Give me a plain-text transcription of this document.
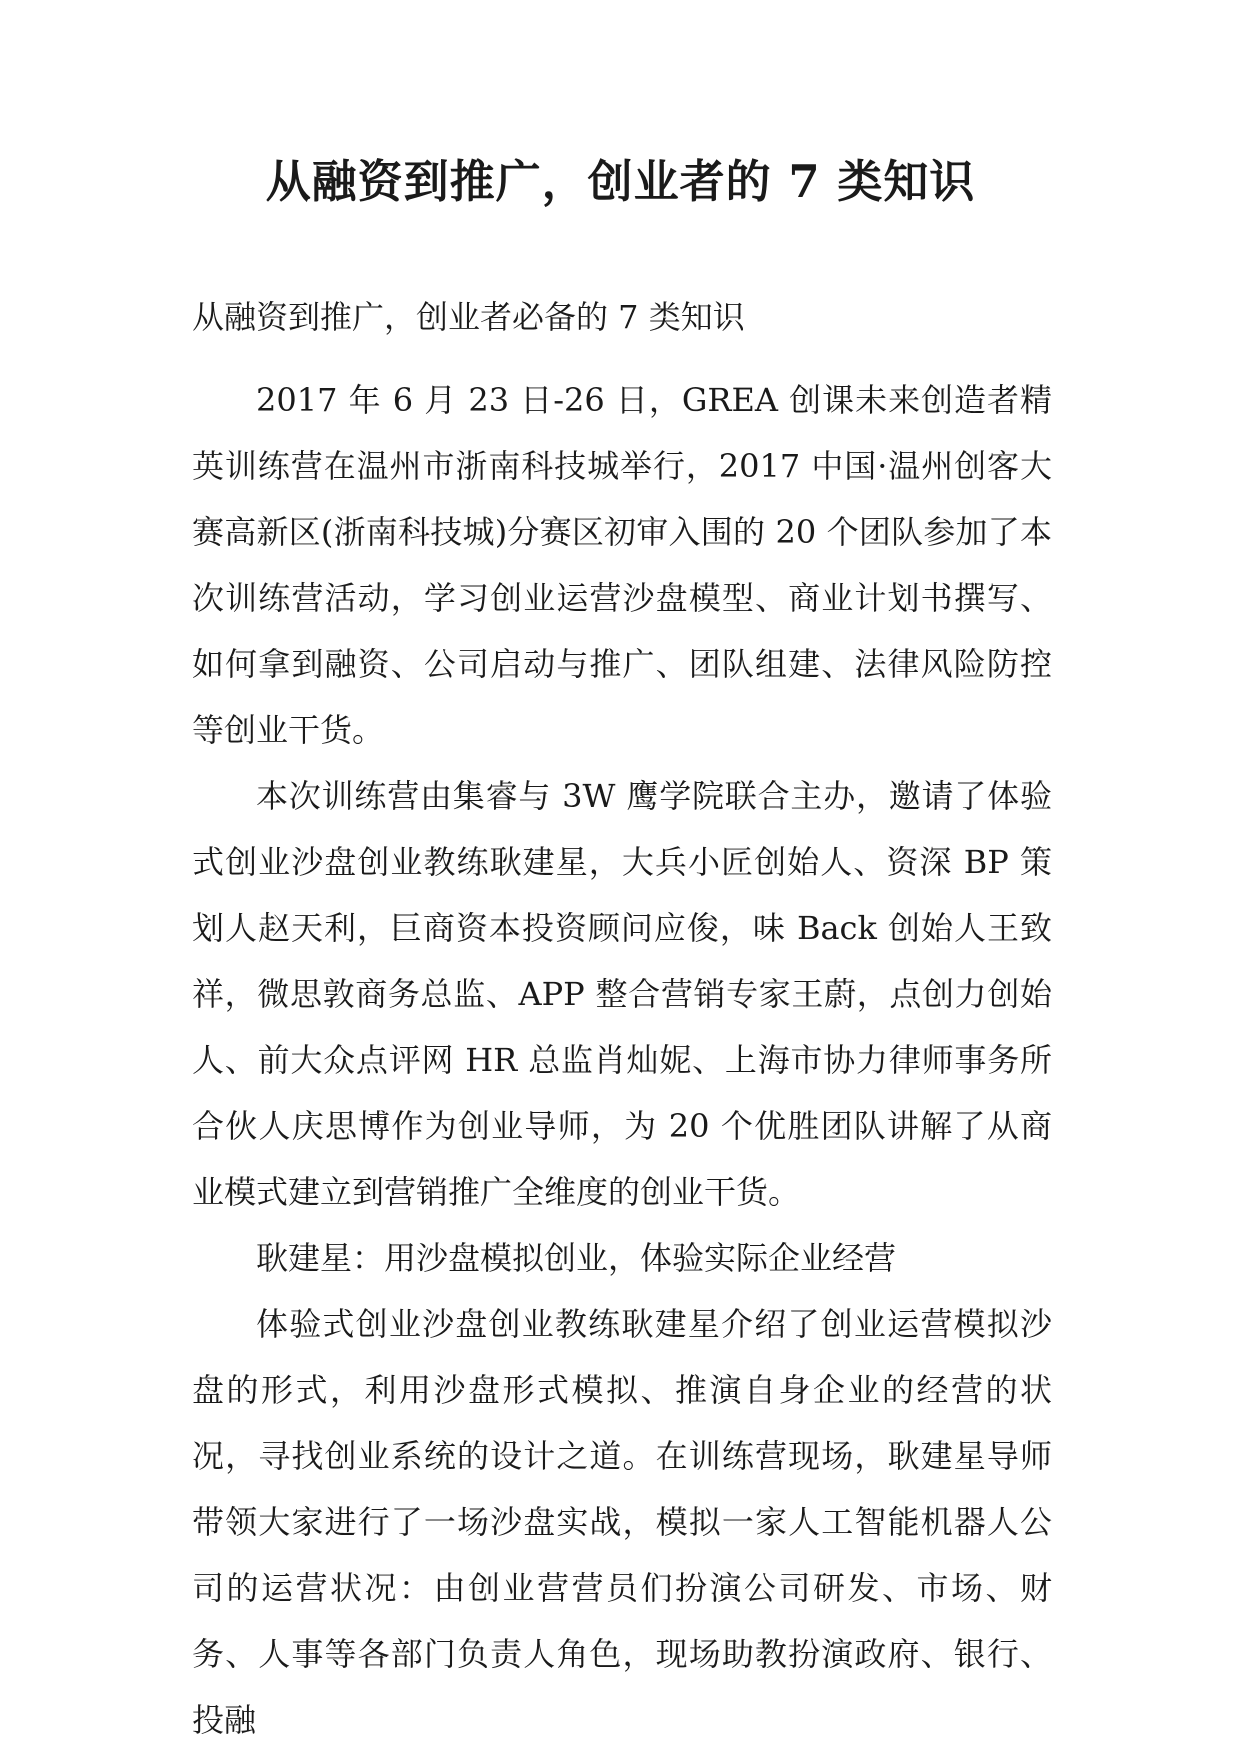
从融资到推广，创业者的 7 类知识

从融资到推广，创业者必备的 7 类知识

2017 年 6 月 23 日-26 日，GREA 创课未来创造者精英训练营在温州市浙南科技城举行，2017 中国·温州创客大赛高新区(浙南科技城)分赛区初审入围的 20 个团队参加了本次训练营活动，学习创业运营沙盘模型、商业计划书撰写、如何拿到融资、公司启动与推广、团队组建、法律风险防控等创业干货。

本次训练营由集睿与 3W 鹰学院联合主办，邀请了体验式创业沙盘创业教练耿建星，大兵小匠创始人、资深 BP 策划人赵天利，巨商资本投资顾问应俊，味 Back 创始人王致祥，微思敦商务总监、APP 整合营销专家王蔚，点创力创始人、前大众点评网 HR 总监肖灿妮、上海市协力律师事务所合伙人庆思博作为创业导师，为 20 个优胜团队讲解了从商业模式建立到营销推广全维度的创业干货。

耿建星：用沙盘模拟创业，体验实际企业经营

体验式创业沙盘创业教练耿建星介绍了创业运营模拟沙盘的形式，利用沙盘形式模拟、推演自身企业的经营的状况，寻找创业系统的设计之道。在训练营现场，耿建星导师带领大家进行了一场沙盘实战，模拟一家人工智能机器人公司的运营状况：由创业营营员们扮演公司研发、市场、财务、人事等各部门负责人角色，现场助教扮演政府、银行、投融
